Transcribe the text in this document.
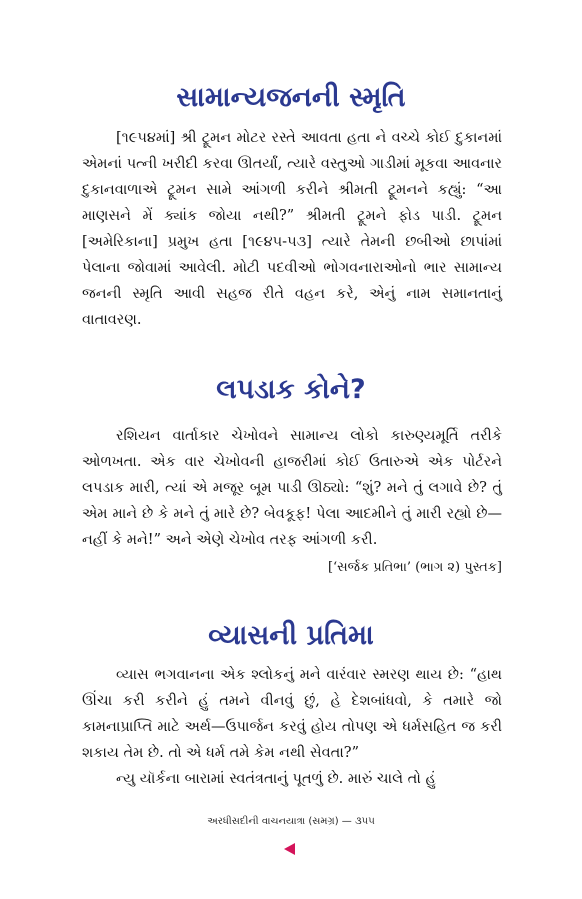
સામાન્યજનની સ્મૃતિ

[૧૯૫૪માં] શ્રી ટ્રૂમન મોટર રસ્તે આવતા હતા ને વચ્ચે કોઈ દુકાનમાં એમનાં પત્ની ખરીદી કરવા ઊતર્યાં, ત્યારે વસ્તુઓ ગાડીમાં મૂકવા આવનાર દુકાનવાળાએ ટ્રૂમન સામે આંગળી કરીને શ્રીમતી ટ્રૂમનને કહ્યું: “આ માણસને મેં ક્યાંક જોયા નથી?” શ્રીમતી ટ્રૂમને ફોડ પાડી. ટ્રૂમન [અમેરિકાના] પ્રમુખ હતા [૧૯૪૫-૫૩] ત્યારે તેમની છબીઓ છાપાંમાં પેલાના જોવામાં આવેલી. મોટી પદવીઓ ભોગવનારાઓનો ભાર સામાન્ય જનની સ્મૃતિ આવી સહજ રીતે વહન કરે, એનું નામ સમાનતાનું વાતાવરણ.

લપડાક કોને?

રશિયન વાર્તાકાર ચેખોવને સામાન્ય લોકો કારુણ્યમૂર્તિ તરીકે ઓળખતા. એક વાર ચેખોવની હાજરીમાં કોઈ ઉતારુએ એક પોર્ટરને લપડાક મારી, ત્યાં એ મજૂર બૂમ પાડી ઊઠ્યો: “શું? મને તું લગાવે છે? તું એમ માને છે કે મને તું મારે છે? બેવકૂફ! પેલા આદમીને તું મારી રહ્યો છે—નહીં કે મને!” અને એણે ચેખોવ તરફ આંગળી કરી.

[‘સર્જક પ્રતિભા’ (ભાગ ૨) પુસ્તક]

વ્યાસની પ્રતિમા

વ્યાસ ભગવાનના એક શ્લોકનું મને વારંવાર સ્મરણ થાય છે: “હાથ ઊંચા કરી કરીને હું તમને વીનવું છું, હે દેશબાંધવો, કે તમારે જો કામનાપ્રાપ્તિ માટે અર્થ—ઉપાર્જન કરવું હોય તોપણ એ ધર્મસહિત જ કરી શકાય તેમ છે. તો એ ધર્મ તમે કેમ નથી સેવતા?”

ન્યુ યૉર્કના બારામાં સ્વતંત્રતાનું પૂતળું છે. મારું ચાલે તો હું

અરધીસદીની વાચનયાત્રા (સમગ્ર) — ૩૫૫
